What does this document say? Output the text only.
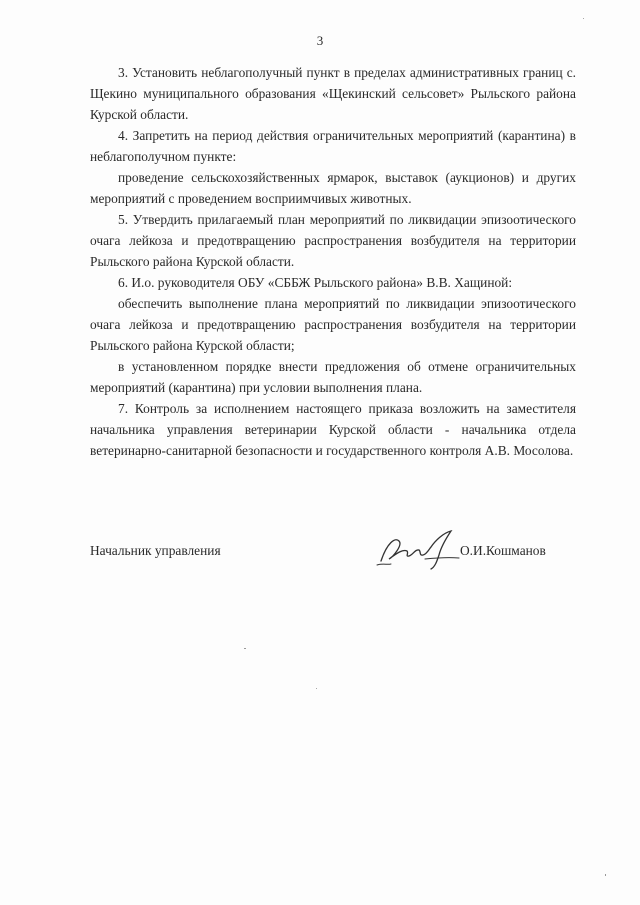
3

3. Установить неблагополучный пункт в пределах административных границ с. Щекино муниципального образования «Щекинский сельсовет» Рыльского района Курской области.

4. Запретить на период действия ограничительных мероприятий (карантина) в неблагополучном пункте:

проведение сельскохозяйственных ярмарок, выставок (аукционов) и других мероприятий с проведением восприимчивых животных.

5. Утвердить прилагаемый план мероприятий по ликвидации эпизоотического очага лейкоза и предотвращению распространения возбудителя на территории Рыльского района Курской области.

6. И.о. руководителя ОБУ «СББЖ Рыльского района» В.В. Хащиной:

обеспечить выполнение плана мероприятий по ликвидации эпизоотического очага лейкоза и предотвращению распространения возбудителя на территории Рыльского района Курской области;

в установленном порядке внести предложения об отмене ограничительных мероприятий (карантина) при условии выполнения плана.

7. Контроль за исполнением настоящего приказа возложить на заместителя начальника управления ветеринарии Курской области - начальника отдела ветеринарно-санитарной безопасности и государственного контроля А.В. Мосолова.

Начальник управления	О.И.Кошманов
